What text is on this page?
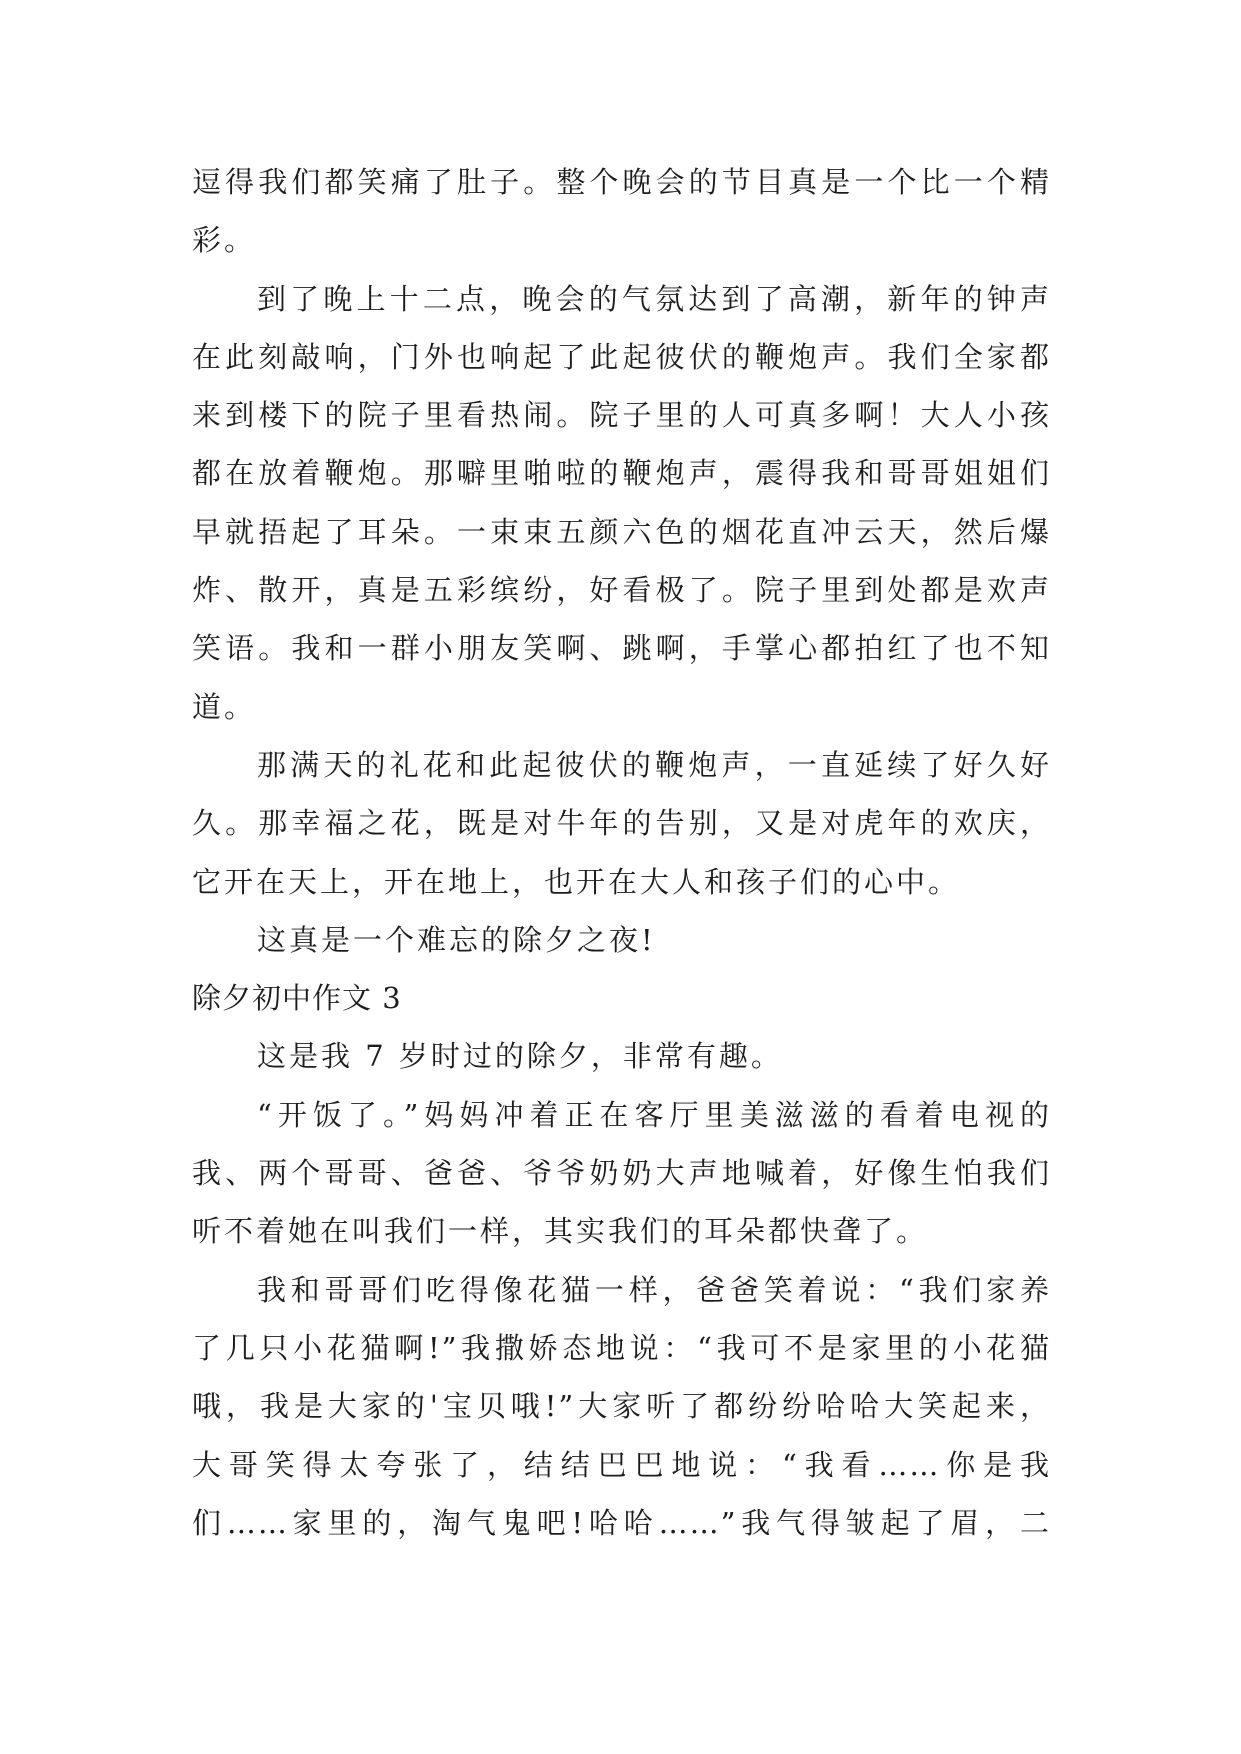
逗得我们都笑痛了肚子。整个晚会的节目真是一个比一个精
彩。
到了晚上十二点，晚会的气氛达到了高潮，新年的钟声
在此刻敲响，门外也响起了此起彼伏的鞭炮声。我们全家都
来到楼下的院子里看热闹。院子里的人可真多啊！大人小孩
都在放着鞭炮。那噼里啪啦的鞭炮声，震得我和哥哥姐姐们
早就捂起了耳朵。一束束五颜六色的烟花直冲云天，然后爆
炸、散开，真是五彩缤纷，好看极了。院子里到处都是欢声
笑语。我和一群小朋友笑啊、跳啊，手掌心都拍红了也不知
道。
那满天的礼花和此起彼伏的鞭炮声，一直延续了好久好
久。那幸福之花，既是对牛年的告别，又是对虎年的欢庆，
它开在天上，开在地上，也开在大人和孩子们的心中。
这真是一个难忘的除夕之夜!
除夕初中作文 3
这是我 7 岁时过的除夕，非常有趣。
“开饭了。”妈妈冲着正在客厅里美滋滋的看着电视的
我、两个哥哥、爸爸、爷爷奶奶大声地喊着，好像生怕我们
听不着她在叫我们一样，其实我们的耳朵都快聋了。
我和哥哥们吃得像花猫一样，爸爸笑着说：“我们家养
了几只小花猫啊!”我撒娇态地说：“我可不是家里的小花猫
哦，我是大家的'宝贝哦!”大家听了都纷纷哈哈大笑起来，
大哥笑得太夸张了，结结巴巴地说：“我看……你是我
们……家里的，淘气鬼吧!哈哈……”我气得皱起了眉，二
